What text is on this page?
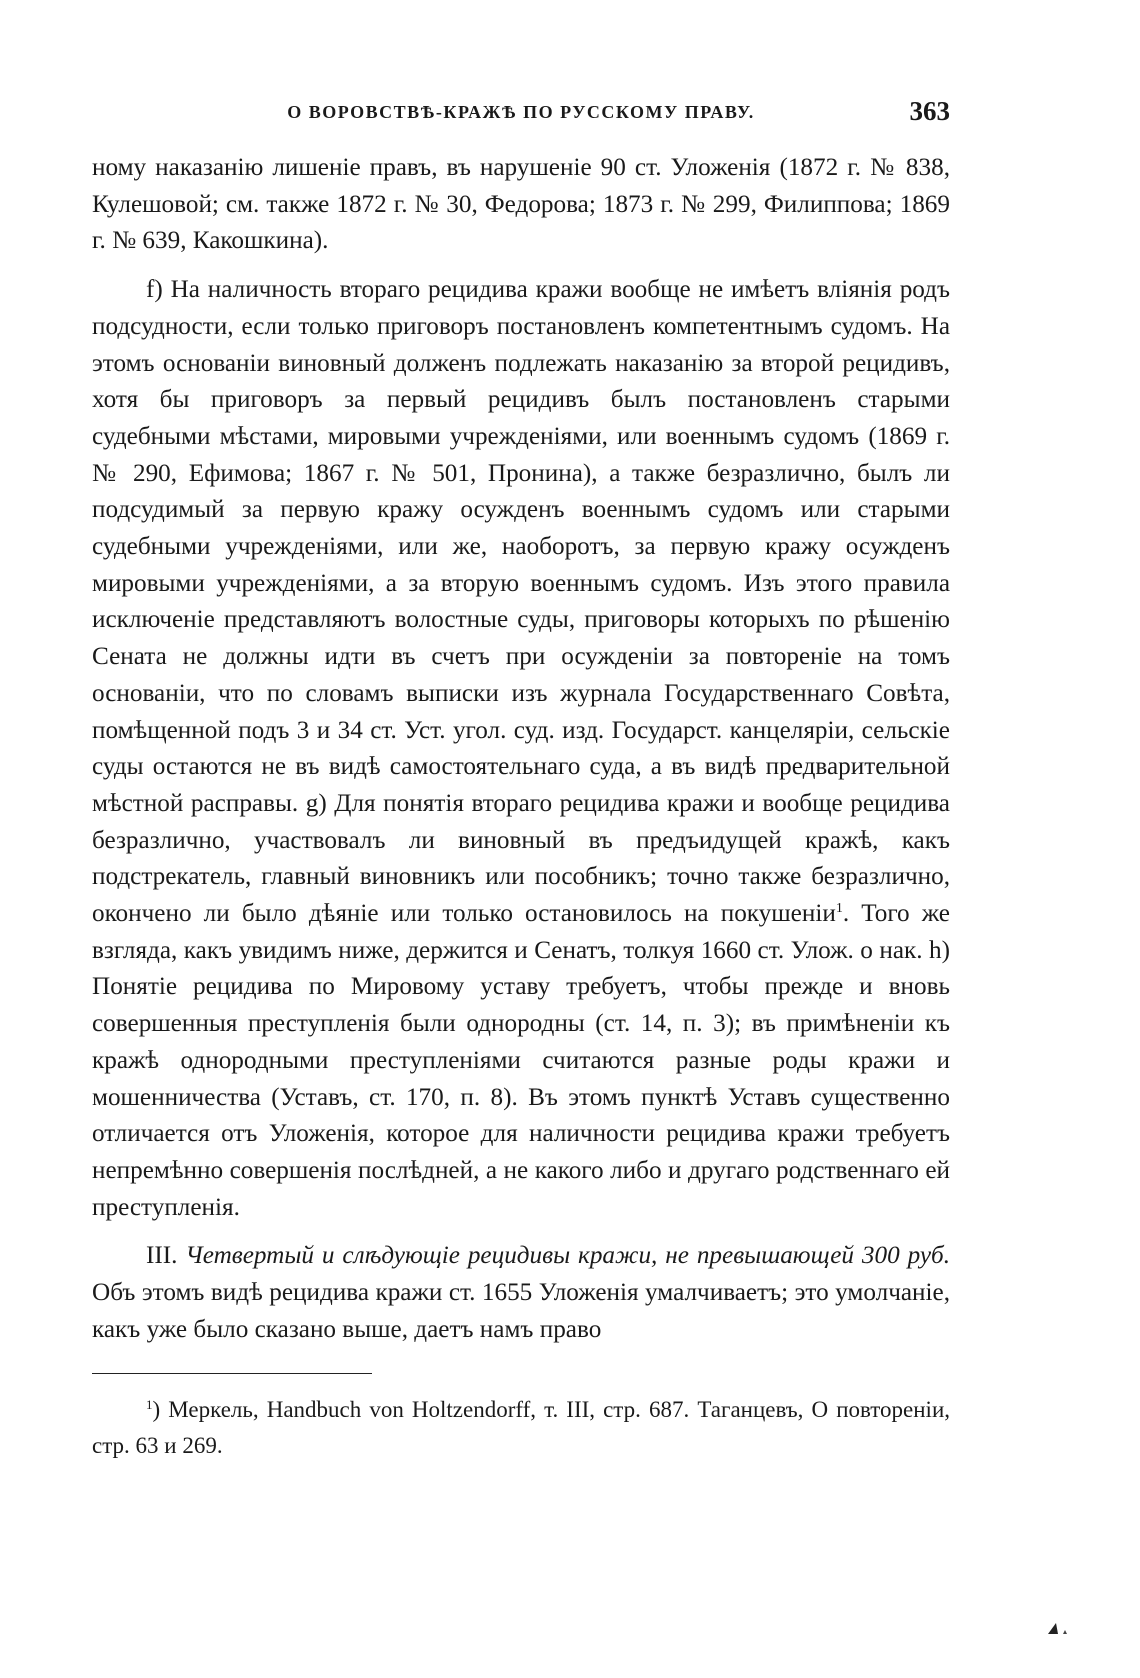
О ВОРОВСТВѢ-КРАЖѢ ПО РУССКОМУ ПРАВУ.	363

ному наказанію лишеніе правъ, въ нарушеніе 90 ст. Уложенія (1872 г. № 838, Кулешовой; см. также 1872 г. № 30, Федорова; 1873 г. № 299, Филиппова; 1869 г. № 639, Какошкина).

f) На наличность втораго рецидива кражи вообще не имѣетъ вліянія родъ подсудности, если только приговоръ постановленъ компетентнымъ судомъ. На этомъ основаніи виновный долженъ подлежать наказанію за второй рецидивъ, хотя бы приговоръ за первый рецидивъ былъ постановленъ старыми судебными мѣстами, мировыми учрежденіями, или военнымъ судомъ (1869 г. № 290, Ефимова; 1867 г. № 501, Пронина), а также безразлично, былъ ли подсудимый за первую кражу осужденъ военнымъ судомъ или старыми судебными учрежденіями, или же, наоборотъ, за первую кражу осужденъ мировыми учрежденіями, а за вторую военнымъ судомъ. Изъ этого правила исключеніе представляютъ волостные суды, приговоры которыхъ по рѣшенію Сената не должны идти въ счетъ при осужденіи за повтореніе на томъ основаніи, что по словамъ выписки изъ журнала Государственнаго Совѣта, помѣщенной подъ 3 и 34 ст. Уст. угол. суд. изд. Государст. канцеляріи, сельскіе суды остаются не въ видѣ самостоятельнаго суда, а въ видѣ предварительной мѣстной расправы. g) Для понятія втораго рецидива кражи и вообще рецидива безразлично, участвовалъ ли виновный въ предъидущей кражѣ, какъ подстрекатель, главный виновникъ или пособникъ; точно также безразлично, окончено ли было дѣяніе или только остановилось на покушеніи$^1$. Того же взгляда, какъ увидимъ ниже, держится и Сенатъ, толкуя 1660 ст. Улож. о нак. h) Понятіе рецидива по Мировому уставу требуетъ, чтобы прежде и вновь совершенныя преступленія были однородны (ст. 14, п. 3); въ примѣненіи къ кражѣ однородными преступленіями считаются разные роды кражи и мошенничества (Уставъ, ст. 170, п. 8). Въ этомъ пунктѣ Уставъ существенно отличается отъ Уложенія, которое для наличности рецидива кражи требуетъ непремѣнно совершенія послѣдней, а не какого либо и другаго родственнаго ей преступленія.

III. Четвертый и слѣдующіе рецидивы кражи, не превышающей 300 руб. Объ этомъ видѣ рецидива кражи ст. 1655 Уложенія умалчиваетъ; это умолчаніе, какъ уже было сказано выше, даетъ намъ право

$^1$) Меркель, Handbuch von Holtzendorff, т. III, стр. 687. Таганцевъ, О повтореніи, стр. 63 и 269.
